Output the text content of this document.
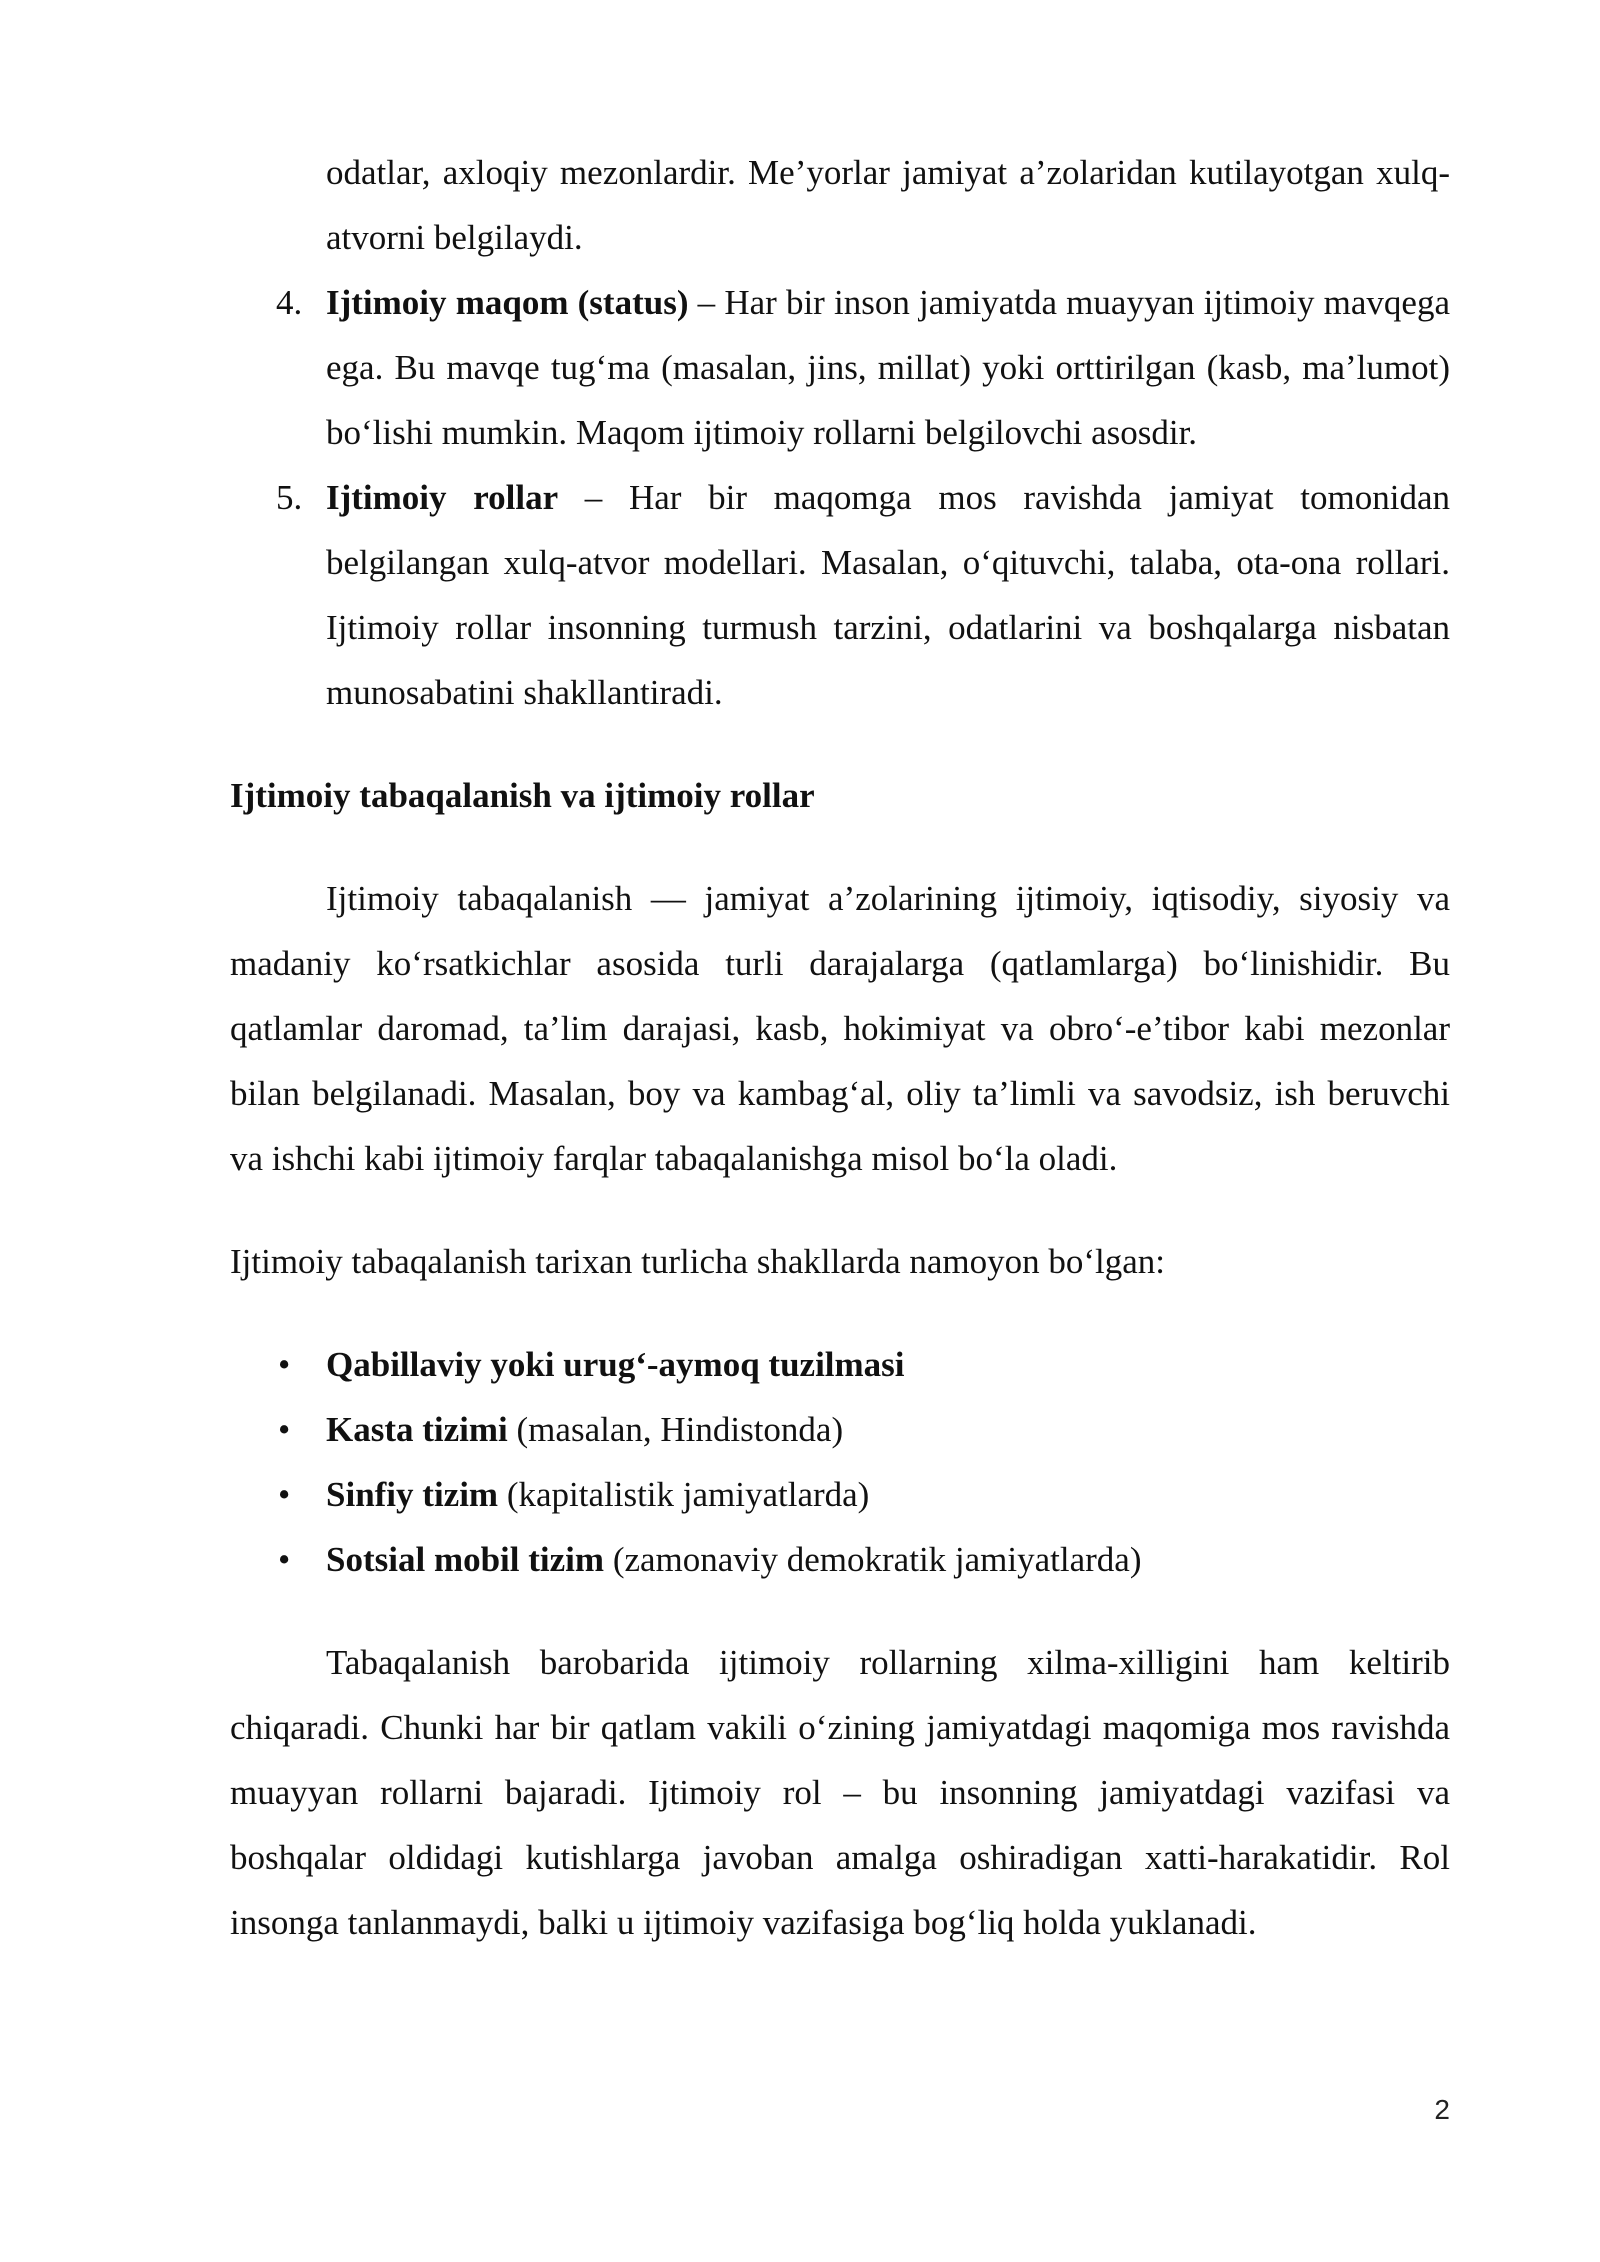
odatlar, axloqiy mezonlardir. Me’yorlar jamiyat a’zolaridan kutilayotgan xulq-atvorni belgilaydi.

4. Ijtimoiy maqom (status) – Har bir inson jamiyatda muayyan ijtimoiy mavqega ega. Bu mavqe tug‘ma (masalan, jins, millat) yoki orttirilgan (kasb, ma’lumot) bo‘lishi mumkin. Maqom ijtimoiy rollarni belgilovchi asosdir.
5. Ijtimoiy rollar – Har bir maqomga mos ravishda jamiyat tomonidan belgilangan xulq-atvor modellari. Masalan, o‘qituvchi, talaba, ota-ona rollari. Ijtimoiy rollar insonning turmush tarzini, odatlarini va boshqalarga nisbatan munosabatini shakllantiradi.
Ijtimoiy tabaqalanish va ijtimoiy rollar

Ijtimoiy tabaqalanish — jamiyat a’zolarining ijtimoiy, iqtisodiy, siyosiy va madaniy ko‘rsatkichlar asosida turli darajalarga (qatlamlarga) bo‘linishidir. Bu qatlamlar daromad, ta’lim darajasi, kasb, hokimiyat va obro‘-e’tibor kabi mezonlar bilan belgilanadi. Masalan, boy va kambag‘al, oliy ta’limli va savodsiz, ish beruvchi va ishchi kabi ijtimoiy farqlar tabaqalanishga misol bo‘la oladi.

Ijtimoiy tabaqalanish tarixan turlicha shakllarda namoyon bo‘lgan:

• Qabillaviy yoki urug‘-aymoq tuzilmasi
• Kasta tizimi (masalan, Hindistonda)
• Sinfiy tizim (kapitalistik jamiyatlarda)
• Sotsial mobil tizim (zamonaviy demokratik jamiyatlarda)

Tabaqalanish barobarida ijtimoiy rollarning xilma-xilligini ham keltirib chiqaradi. Chunki har bir qatlam vakili o‘zining jamiyatdagi maqomiga mos ravishda muayyan rollarni bajaradi. Ijtimoiy rol – bu insonning jamiyatdagi vazifasi va boshqalar oldidagi kutishlarga javoban amalga oshiradigan xatti-harakatidir. Rol insonga tanlanmaydi, balki u ijtimoiy vazifasiga bog‘liq holda yuklanadi.

2
